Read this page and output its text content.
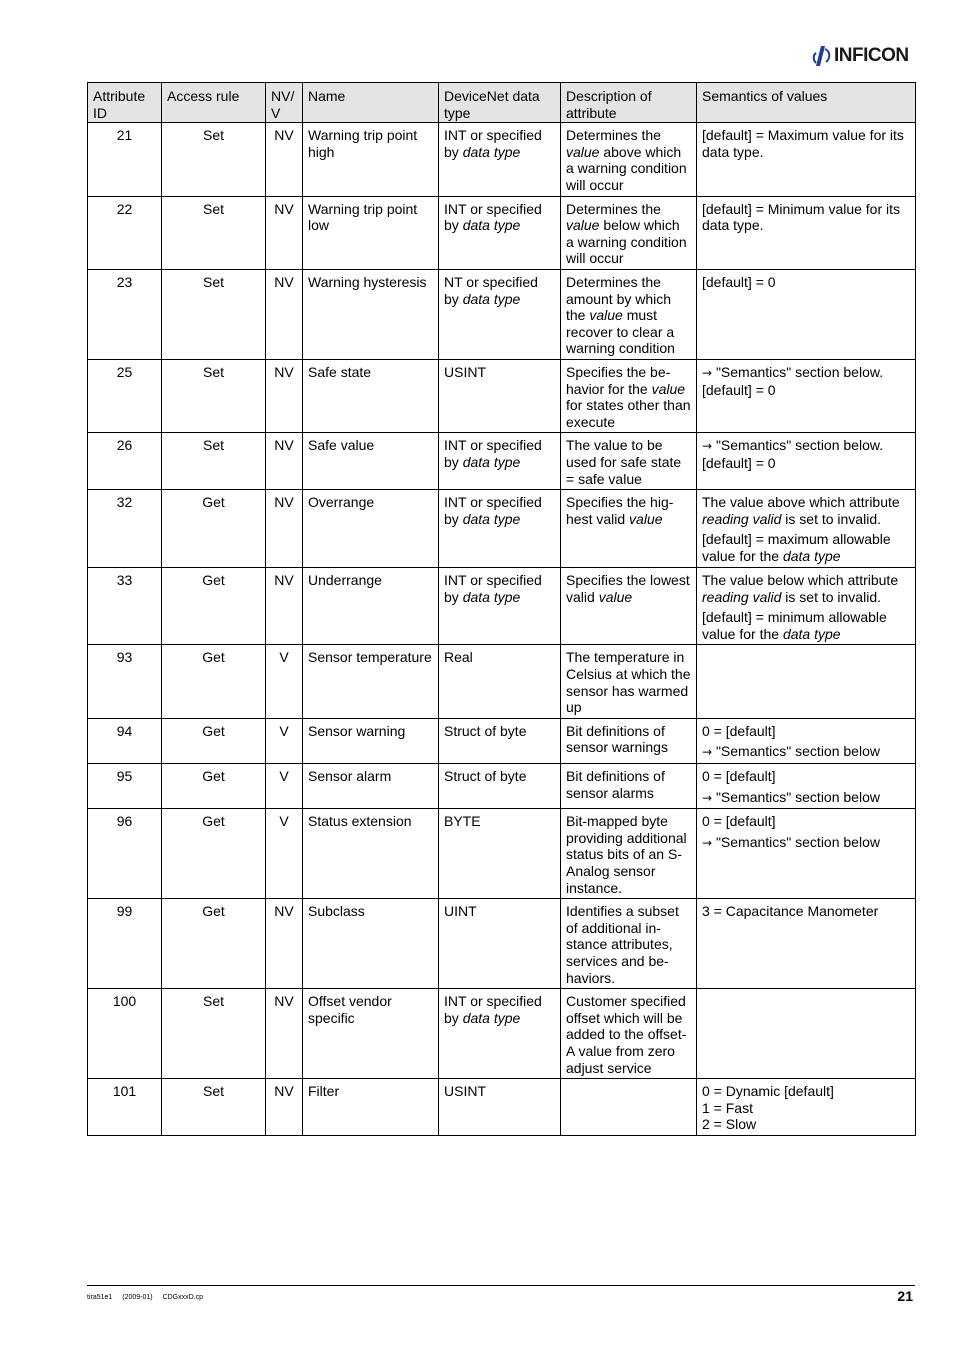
INFICON
Attribute ID	Access rule	NV/ V	Name	DeviceNet data type	Description of attribute	Semantics of values
21	Set	NV	Warning trip point high	INT or specified by data type	Determines the value above which a warning condition will occur	[default] = Maximum value for its data type.

22	Set	NV	Warning trip point low	INT or specified by data type	Determines the value below which a warning condition will occur	[default] = Minimum value for its data type.

23	Set	NV	Warning hysteresis	NT or specified by data type	Determines the amount by which the value must recover to clear a warning condition	[default] = 0

25	Set	NV	Safe state	USINT	Specifies the be-havior for the value for states other than execute	→ "Semantics" section below.
[default] = 0

26	Set	NV	Safe value	INT or specified by data type	The value to be used for safe state = safe value	→ "Semantics" section below.
[default] = 0

32	Get	NV	Overrange	INT or specified by data type	Specifies the hig-hest valid value	The value above which attribute reading valid is set to invalid.
[default] = maximum allowable value for the data type

33	Get	NV	Underrange	INT or specified by data type	Specifies the lowest valid value	The value below which attribute reading valid is set to invalid.
[default] = minimum allowable value for the data type

93	Get	V	Sensor temperature	Real	The temperature in Celsius at which the sensor has warmed up	
94	Get	V	Sensor warning	Struct of byte	Bit definitions of sensor warnings	0 = [default]
→ "Semantics" section below

95	Get	V	Sensor alarm	Struct of byte	Bit definitions of sensor alarms	0 = [default]
→ "Semantics" section below

96	Get	V	Status extension	BYTE	Bit-mapped byte providing additional status bits of an S-Analog sensor instance.	0 = [default]
→ "Semantics" section below

99	Get	NV	Subclass	UINT	Identifies a subset of additional in-stance attributes, services and be-haviors.	3 = Capacitance Manometer

100	Set	NV	Offset vendor specific	INT or specified by data type	Customer specified offset which will be added to the offset-A value from zero adjust service	
101	Set	NV	Filter	USINT		0 = Dynamic [default]
1 = Fast
2 = Slow
tira51e1 (2009-01) CDGxxxD.cp	21
